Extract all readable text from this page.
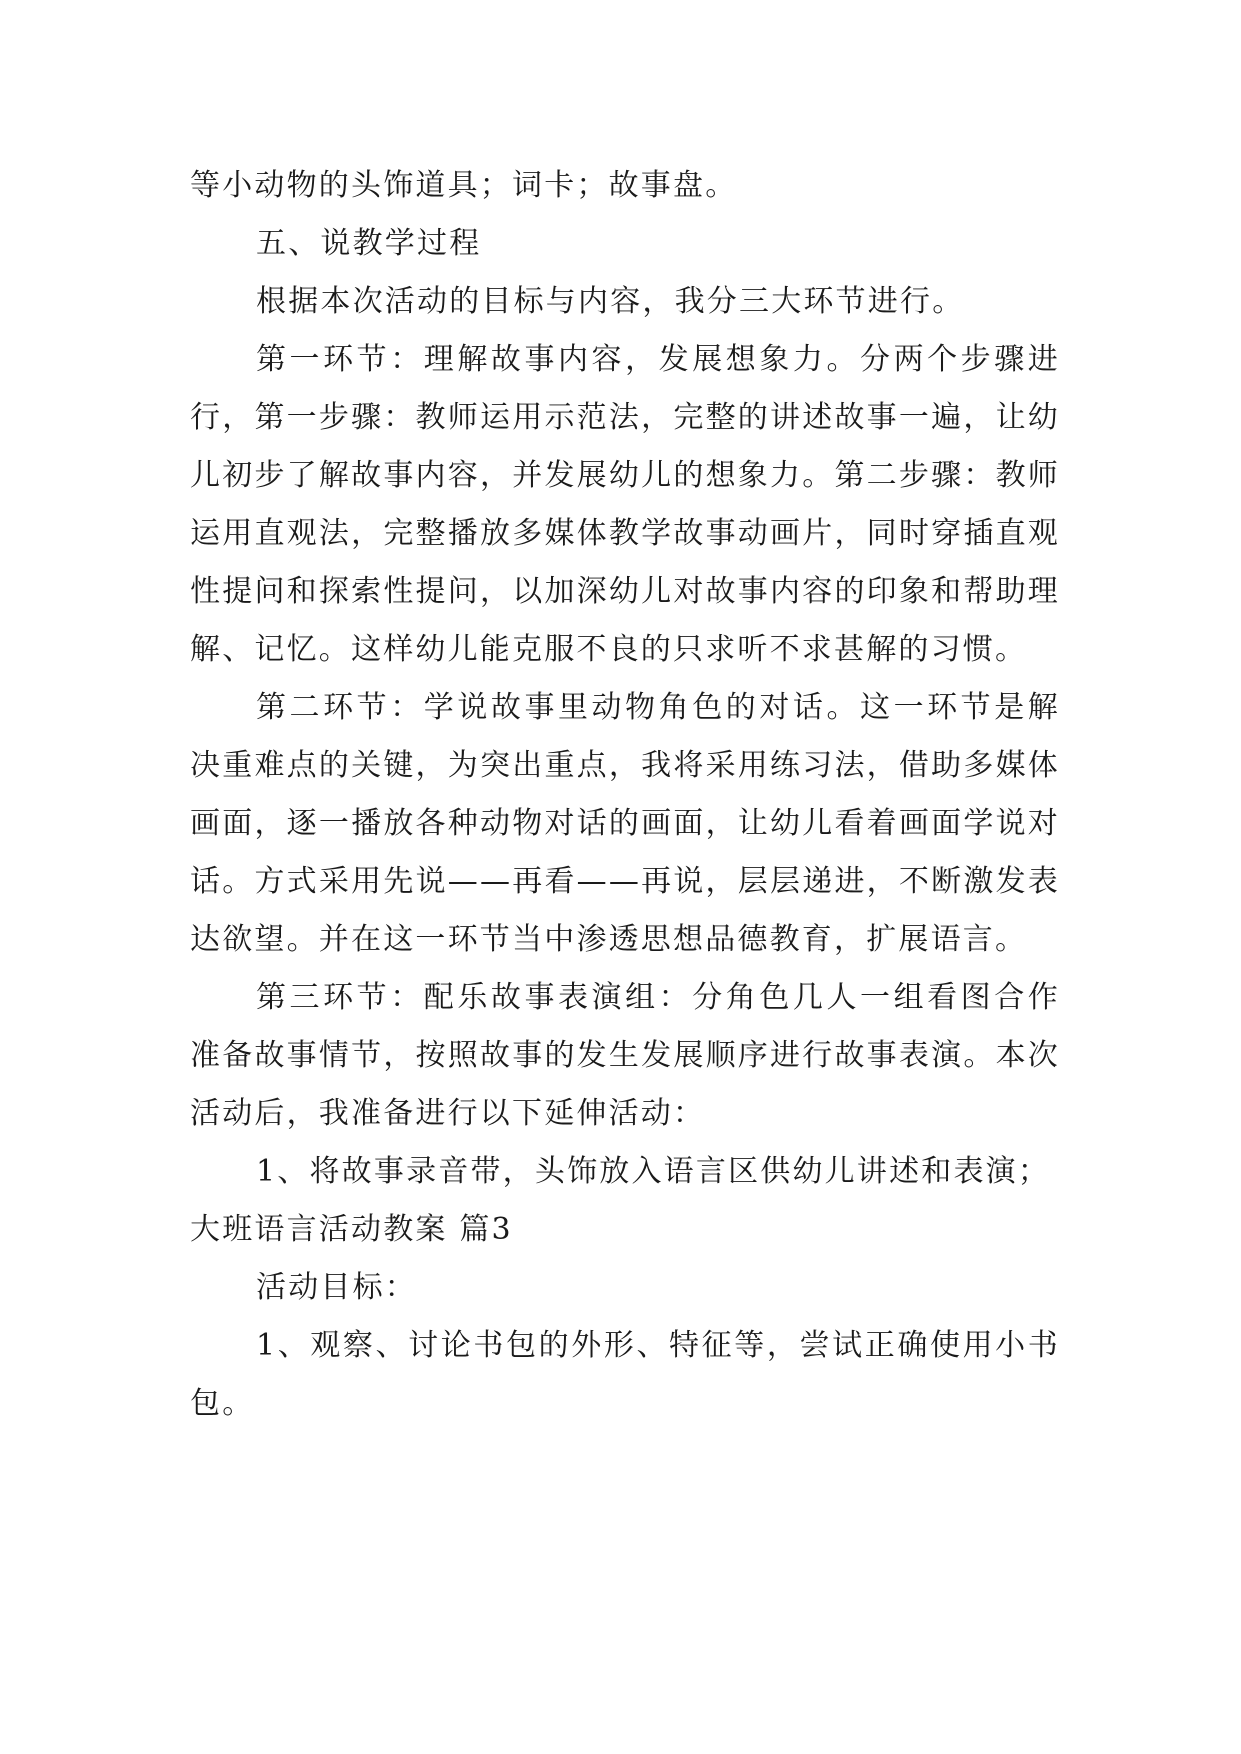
等小动物的头饰道具；词卡；故事盘。

五、说教学过程

根据本次活动的目标与内容，我分三大环节进行。

第一环节：理解故事内容，发展想象力。分两个步骤进行，第一步骤：教师运用示范法，完整的讲述故事一遍，让幼儿初步了解故事内容，并发展幼儿的想象力。第二步骤：教师运用直观法，完整播放多媒体教学故事动画片，同时穿插直观性提问和探索性提问，以加深幼儿对故事内容的印象和帮助理解、记忆。这样幼儿能克服不良的只求听不求甚解的习惯。

第二环节：学说故事里动物角色的对话。这一环节是解决重难点的关键，为突出重点，我将采用练习法，借助多媒体画面，逐一播放各种动物对话的画面，让幼儿看着画面学说对话。方式采用先说——再看——再说，层层递进，不断激发表达欲望。并在这一环节当中渗透思想品德教育，扩展语言。

第三环节：配乐故事表演组：分角色几人一组看图合作准备故事情节，按照故事的发生发展顺序进行故事表演。本次活动后，我准备进行以下延伸活动：

1、将故事录音带，头饰放入语言区供幼儿讲述和表演；

大班语言活动教案 篇3

活动目标：

1、观察、讨论书包的外形、特征等，尝试正确使用小书包。
